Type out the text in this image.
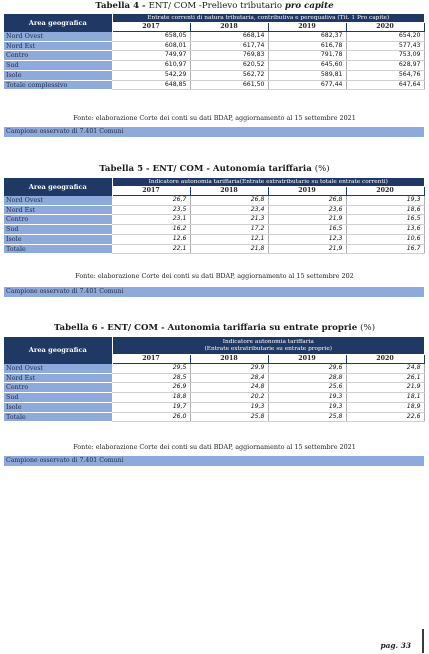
Tabella 4 - ENT/ COM -Prelievo tributario pro capite
Area geografica	Entrate correnti di natura tributaria, contributiva e perequativa (Tit. 1 Pro capite)			

	2017	2018	2019	2020
Nord Ovest	658,05	668,14	682,37	654,20
Nord Est	608,01	617,74	616,78	577,43
Centro	749,97	769,83	791,78	753,09
Sud	610,97	620,52	645,60	628,97
Isole	542,29	562,72	589,81	564,76
Totale complessivo	648,85	661,50	677,44	647,64
Fonte: elaborazione Corte dei conti su dati BDAP, aggiornamento al 15 settembre 2021
Campione osservato di 7.401 Comuni
Tabella 5 - ENT/ COM - Autonomia tariffaria (%)
Area geografica	Indicatore autonomia tariffaria(Entrate extratributarie su totale entrate correnti)			

	2017	2018	2019	2020
Nord Ovest	26,7	26,8	26,8	19,3
Nord Est	23,5	23,4	23,6	18,6
Centro	23,1	21,3	21,9	16,5
Sud	16,2	17,2	16,5	13,6
Isole	12,6	12,1	12,3	10,6
Totale	22,1	21,8	21,9	16,7
Fonte: elaborazione Corte dei conti su dati BDAP, aggiornamento al 15 settembre 202
Campione osservato di 7.401 Comuni
Tabella 6 - ENT/ COM - Autonomia tariffaria su entrate proprie (%)
Area geografica	Indicatore autonomia tariffaria
(Entrate extratributarie su entrate proprie)			

	2017	2018	2019	2020
Nord Ovest	29,5	29,9	29,6	24,8
Nord Est	28,5	28,4	28,8	26,1
Centro	26,9	24,8	25,6	21,9
Sud	18,8	20,2	19,3	18,1
Isole	19,7	19,3	19,3	18,9
Totale	26,0	25,8	25,8	22,6
Fonte: elaborazione Corte dei conti su dati BDAP, aggiornamento al 15 settembre 2021
Campione osservato di 7.401 Comuni
pag. 33
